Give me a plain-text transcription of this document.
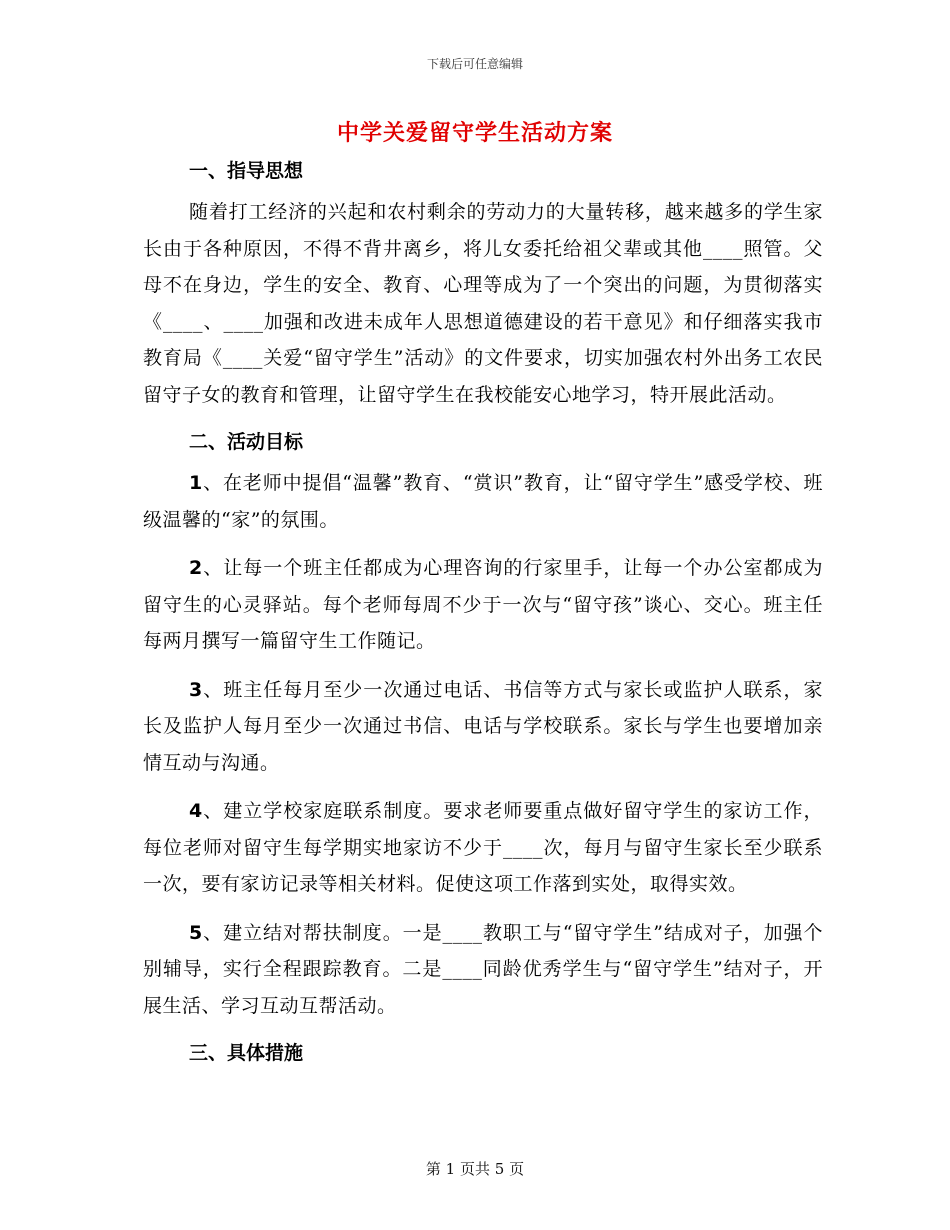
下载后可任意编辑
中学关爱留守学生活动方案
一、指导思想

随着打工经济的兴起和农村剩余的劳动力的大量转移，越来越多的学生家长由于各种原因，不得不背井离乡，将儿女委托给祖父辈或其他____照管。父母不在身边，学生的安全、教育、心理等成为了一个突出的问题，为贯彻落实《____、____加强和改进未成年人思想道德建设的若干意见》和仔细落实我市教育局《____关爱“留守学生”活动》的文件要求，切实加强农村外出务工农民留守子女的教育和管理，让留守学生在我校能安心地学习，特开展此活动。

二、活动目标

1、在老师中提倡“温馨”教育、“赏识”教育，让“留守学生”感受学校、班级温馨的“家”的氛围。

2、让每一个班主任都成为心理咨询的行家里手，让每一个办公室都成为留守生的心灵驿站。每个老师每周不少于一次与“留守孩”谈心、交心。班主任每两月撰写一篇留守生工作随记。

3、班主任每月至少一次通过电话、书信等方式与家长或监护人联系，家长及监护人每月至少一次通过书信、电话与学校联系。家长与学生也要增加亲情互动与沟通。

4、建立学校家庭联系制度。要求老师要重点做好留守学生的家访工作，每位老师对留守生每学期实地家访不少于____次，每月与留守生家长至少联系一次，要有家访记录等相关材料。促使这项工作落到实处，取得实效。

5、建立结对帮扶制度。一是____教职工与“留守学生”结成对子，加强个别辅导，实行全程跟踪教育。二是____同龄优秀学生与“留守学生”结对子，开展生活、学习互动互帮活动。

三、具体措施
第 1 页共 5 页
